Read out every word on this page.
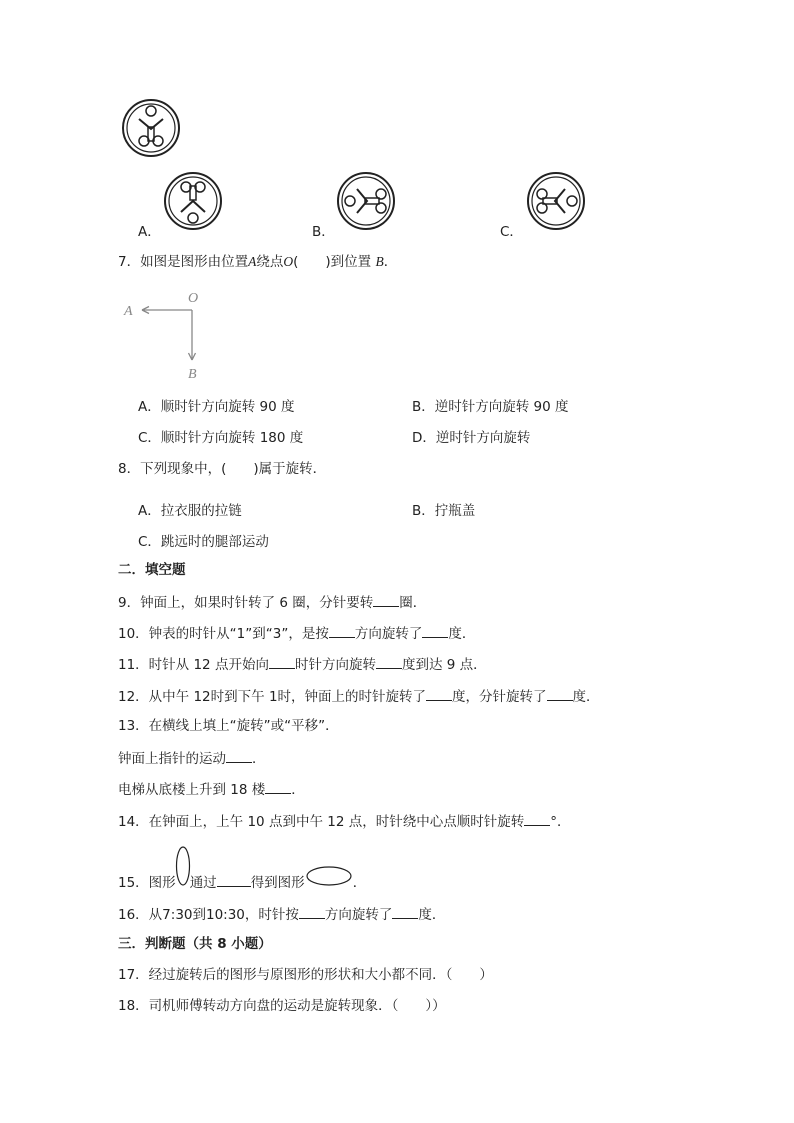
A．	B．	C．
7．如图是图形由位置A绕点O(　　)到位置 B．
A
O
B
A．顺时针方向旋转 90 度	B．逆时针方向旋转 90 度
C．顺时针方向旋转 180 度	D．逆时针方向旋转
8．下列现象中，(　　)属于旋转．
A．拉衣服的拉链	B．拧瓶盖
C．跳远时的腿部运动
二．填空题
9．钟面上，如果时针转了 6 圈，分针要转 圈．
10．钟表的时针从“1”到“3”，是按 方向旋转了 度．
11．时针从 12 点开始向 时针方向旋转 度到达 9 点．
12．从中午 12时到下午 1时，钟面上的时针旋转了 度，分针旋转了 度．
13．在横线上填上“旋转”或“平移”．
钟面上指针的运动 ．
电梯从底楼上升到 18 楼 ．
14．在钟面上，上午 10 点到中午 12 点，时针绕中心点顺时针旋转 °．
15．图形 通过	得到图形	．
16．从7:30到10:30，时针按 方向旋转了 度．
三．判断题（共 8 小题）
17．经过旋转后的图形与原图形的形状和大小都不同．（　　）
18．司机师傅转动方向盘的运动是旋转现象．（　　））
